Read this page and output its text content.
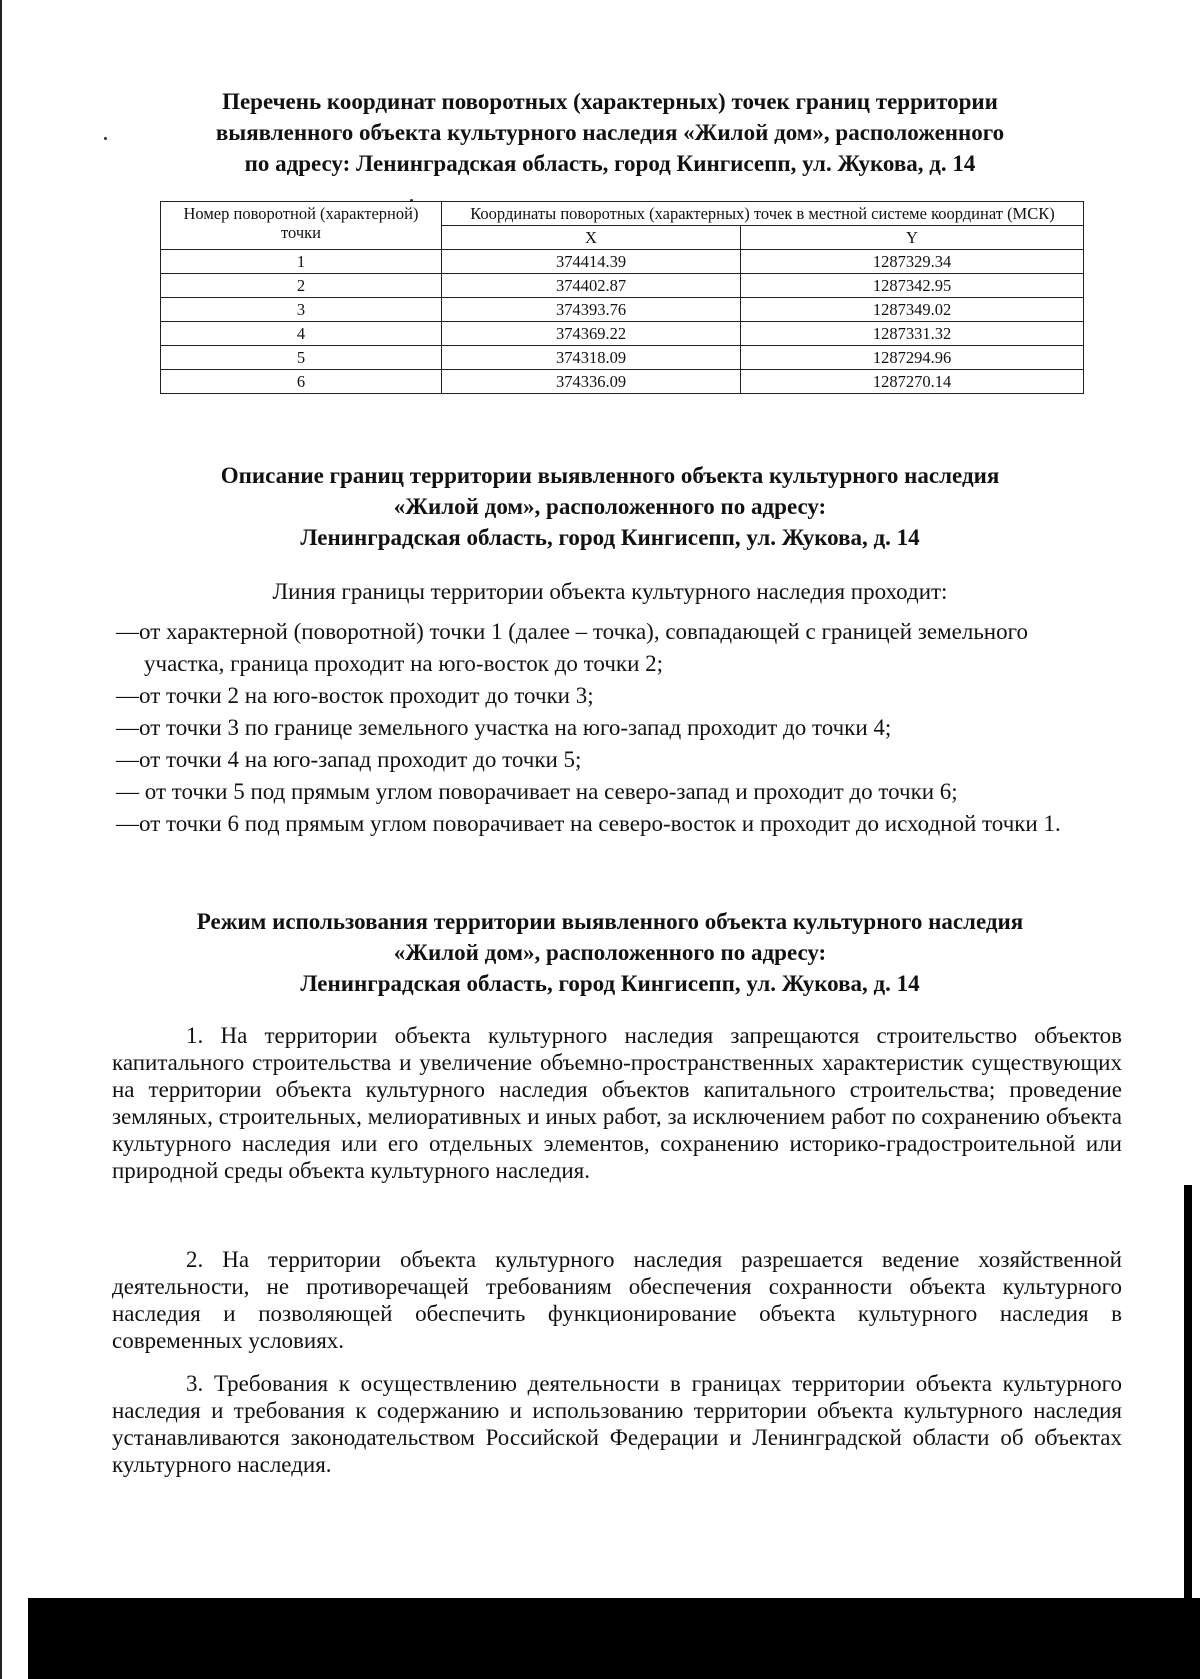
Перечень координат поворотных (характерных) точек границ территории
выявленного объекта культурного наследия «Жилой дом», расположенного
по адресу: Ленинградская область, город Кингисепп, ул. Жукова, д. 14
Номер поворотной (характерной) точки	Координаты поворотных (характерных) точек в местной системе координат (МСК)	
	X	Y
1	374414.39	1287329.34
2	374402.87	1287342.95
3	374393.76	1287349.02
4	374369.22	1287331.32
5	374318.09	1287294.96
6	374336.09	1287270.14
Описание границ территории выявленного объекта культурного наследия
«Жилой дом», расположенного по адресу:
Ленинградская область, город Кингисепп, ул. Жукова, д. 14
Линия границы территории объекта культурного наследия проходит:
—от характерной (поворотной) точки 1 (далее – точка), совпадающей с границей земельного участка, граница проходит на юго-восток до точки 2;
—от точки 2 на юго-восток проходит до точки 3;
—от точки 3 по границе земельного участка на юго-запад проходит до точки 4;
—от точки 4 на юго-запад проходит до точки 5;
— от точки 5 под прямым углом поворачивает на северо-запад и проходит до точки 6;
—от точки 6 под прямым углом поворачивает на северо-восток и проходит до исходной точки 1.
Режим использования территории выявленного объекта культурного наследия
«Жилой дом», расположенного по адресу:
Ленинградская область, город Кингисепп, ул. Жукова, д. 14

1. На территории объекта культурного наследия запрещаются строительство объектов капитального строительства и увеличение объемно-пространственных характеристик существующих на территории объекта культурного наследия объектов капитального строительства; проведение земляных, строительных, мелиоративных и иных работ, за исключением работ по сохранению объекта культурного наследия или его отдельных элементов, сохранению историко-градостроительной или природной среды объекта культурного наследия.

2. На территории объекта культурного наследия разрешается ведение хозяйственной деятельности, не противоречащей требованиям обеспечения сохранности объекта культурного наследия и позволяющей обеспечить функционирование объекта культурного наследия в современных условиях.

3. Требования к осуществлению деятельности в границах территории объекта культурного наследия и требования к содержанию и использованию территории объекта культурного наследия устанавливаются законодательством Российской Федерации и Ленинградской области об объектах культурного наследия.
